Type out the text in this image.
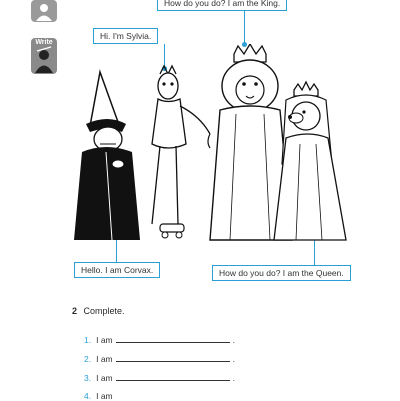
Write
How do you do? I am the King.
Hi. I'm Sylvia.
Hello. I am Corvax.	How do you do? I am the Queen.
2 Complete.
1. I am	.
2. I am	.
3. I am	.
4. I am
